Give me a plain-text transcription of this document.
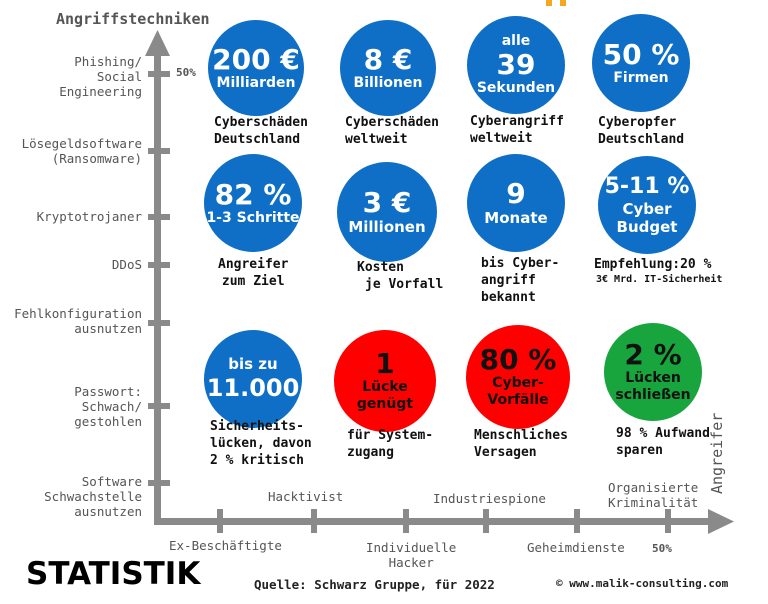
Angriffstechniken
50%
Angreifer
50%
Phishing/
Social
Engineering
Lösegeldsoftware
(Ransomware)
Kryptotrojaner
DDoS
Fehlkonfiguration
ausnutzen
Passwort:
Schwach/
gestohlen
Software
Schwachstelle
ausnutzen
Hacktivist	Industriespione
Organisierte
Kriminalität
Ex-Beschäftigte	Individuelle
Hacker
Geheimdienste
200 €
Milliarden
Cyberschäden
Deutschland
8 €
Billionen
Cyberschäden
weltweit
alle
39
Sekunden
Cyberangriff
weltweit
50 %
Firmen
Cyberopfer
Deutschland
82 %
1-3 Schritte
Angreifer
zum Ziel
3 €
Millionen
Kosten
je Vorfall
9
Monate
bis Cyber-
angriff
bekannt
5-11 %
Cyber
Budget
Empfehlung:20 %
3€ Mrd. IT-Sicherheit
bis zu
11.000
Sicherheits-
lücken, davon
2 % kritisch
1
Lücke
genügt
für System-
zugang
80 %
Cyber-
Vorfälle
Menschliches
Versagen
2 %
Lücken
schließen
98 % Aufwand
sparen
STATISTIK	Quelle: Schwarz Gruppe, für 2022	© www.malik-consulting.com
